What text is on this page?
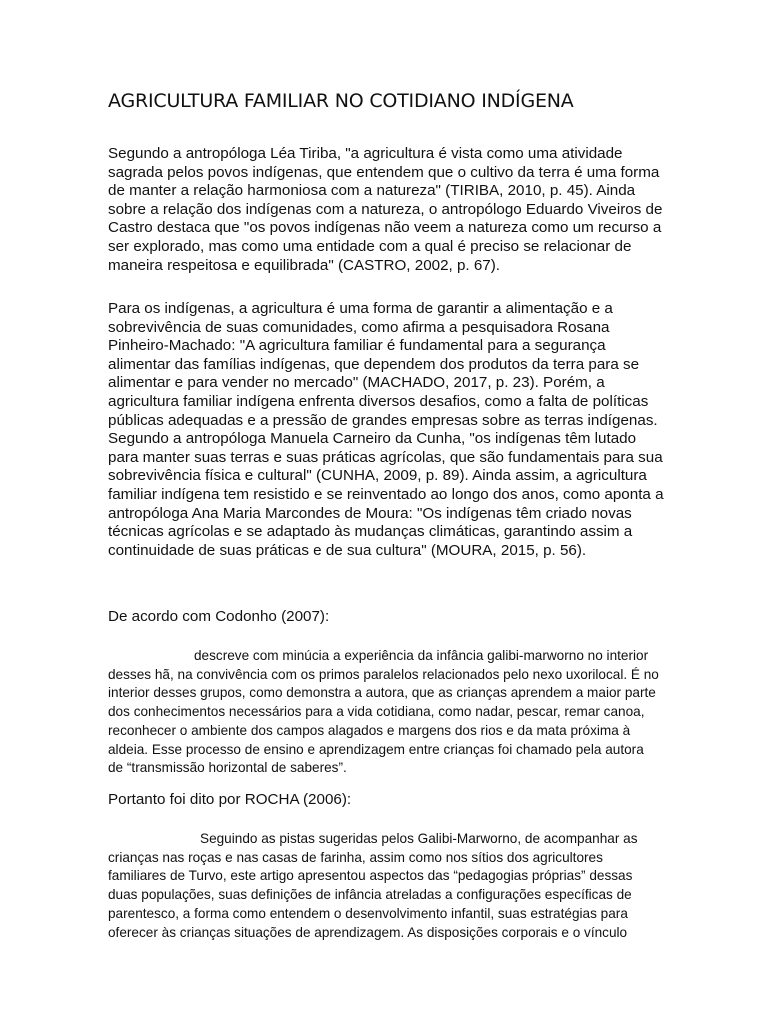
AGRICULTURA FAMILIAR NO COTIDIANO INDÍGENA

Segundo a antropóloga Léa Tiriba, "a agricultura é vista como uma atividade sagrada pelos povos indígenas, que entendem que o cultivo da terra é uma forma de manter a relação harmoniosa com a natureza" (TIRIBA, 2010, p. 45). Ainda sobre a relação dos indígenas com a natureza, o antropólogo Eduardo Viveiros de Castro destaca que "os povos indígenas não veem a natureza como um recurso a ser explorado, mas como uma entidade com a qual é preciso se relacionar de maneira respeitosa e equilibrada" (CASTRO, 2002, p. 67).

Para os indígenas, a agricultura é uma forma de garantir a alimentação e a sobrevivência de suas comunidades, como afirma a pesquisadora Rosana Pinheiro-Machado: "A agricultura familiar é fundamental para a segurança alimentar das famílias indígenas, que dependem dos produtos da terra para se alimentar e para vender no mercado" (MACHADO, 2017, p. 23). Porém, a agricultura familiar indígena enfrenta diversos desafios, como a falta de políticas públicas adequadas e a pressão de grandes empresas sobre as terras indígenas. Segundo a antropóloga Manuela Carneiro da Cunha, "os indígenas têm lutado para manter suas terras e suas práticas agrícolas, que são fundamentais para sua sobrevivência física e cultural" (CUNHA, 2009, p. 89). Ainda assim, a agricultura familiar indígena tem resistido e se reinventado ao longo dos anos, como aponta a antropóloga Ana Maria Marcondes de Moura: "Os indígenas têm criado novas técnicas agrícolas e se adaptado às mudanças climáticas, garantindo assim a continuidade de suas práticas e de sua cultura" (MOURA, 2015, p. 56).

De acordo com Codonho (2007):

descreve com minúcia a experiência da infância galibi-marworno no interior desses hã, na convivência com os primos paralelos relacionados pelo nexo uxorilocal. É no interior desses grupos, como demonstra a autora, que as crianças aprendem a maior parte dos conhecimentos necessários para a vida cotidiana, como nadar, pescar, remar canoa, reconhecer o ambiente dos campos alagados e margens dos rios e da mata próxima à aldeia. Esse processo de ensino e aprendizagem entre crianças foi chamado pela autora de “transmissão horizontal de saberes”.

Portanto foi dito por ROCHA (2006):

Seguindo as pistas sugeridas pelos Galibi-Marworno, de acompanhar as crianças nas roças e nas casas de farinha, assim como nos sítios dos agricultores familiares de Turvo, este artigo apresentou aspectos das “pedagogias próprias” dessas duas populações, suas definições de infância atreladas a configurações específicas de parentesco, a forma como entendem o desenvolvimento infantil, suas estratégias para oferecer às crianças situações de aprendizagem. As disposições corporais e o vínculo
